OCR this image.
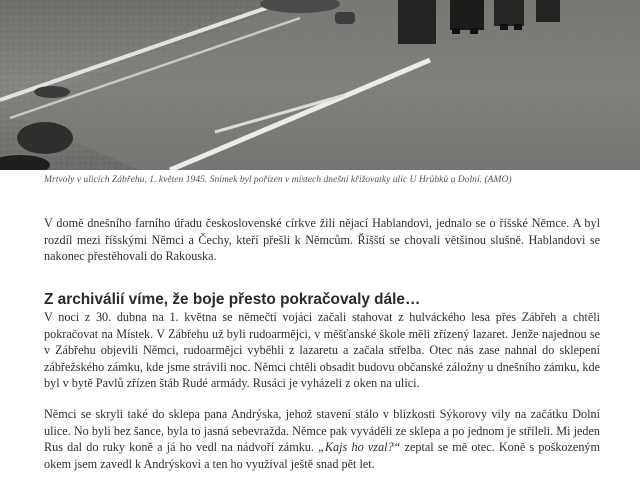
Mrtvoly v ulicích Zábřehu, 1. květen 1945. Snímek byl pořízen v místech dnešní křižovatky ulic U Hrůbků a Dolní. (AMO)

V domě dnešního farního úřadu československé církve žili nějací Hablandovi, jednalo se o říšské Němce. A byl rozdíl mezi říšskými Němci a Čechy, kteří přešli k Němcům. Říšští se chovali většinou slušně. Hablandovi se nakonec přestěhovali do Rakouska.

Z archiválií víme, že boje přesto pokračovaly dále…

V noci z 30. dubna na 1. května se němečtí vojáci začali stahovat z hulváckého lesa přes Zábřeh a chtěli pokračovat na Místek. V Zábřehu už byli rudoarmějci, v měšťanské škole měli zřízený lazaret. Jenže najednou se v Zábřehu objevili Němci, rudoarmějci vyběhli z lazaretu a začala střelba. Otec nás zase nahnal do sklepení zábřežského zámku, kde jsme strávili noc. Němci chtěli obsadit budovu občanské záložny u dnešního zámku, kde byl v bytě Pavlů zřízen štáb Rudé armády. Rusáci je vyházeli z oken na ulici.

Němci se skryli také do sklepa pana Andrýska, jehož stavení stálo v blízkosti Sýkorovy vily na začátku Dolní ulice. No byli bez šance, byla to jasná sebevražda. Němce pak vyváděli ze sklepa a po jednom je stříleli. Mi jeden Rus dal do ruky koně a já ho vedl na nádvoří zámku. „Kajs ho vzal?“ zeptal se mě otec. Koně s poškozeným okem jsem zavedl k Andrýskovi a ten ho využíval ještě snad pět let.
